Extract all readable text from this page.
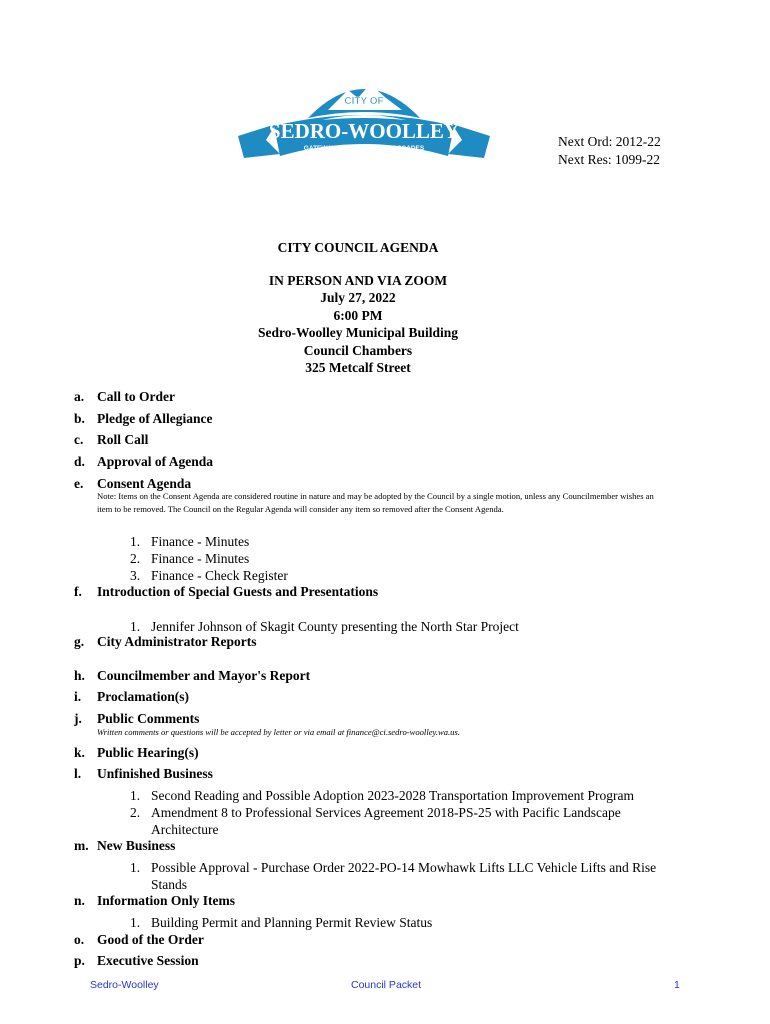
CITY OF
SEDRO-WOOLLEY
GATEWAY TO THE NORTH CASCADES	Next Ord: 2012-22
Next Res: 1099-22
CITY COUNCIL AGENDA
IN PERSON AND VIA ZOOM
July 27, 2022
6:00 PM
Sedro-Woolley Municipal Building
Council Chambers
325 Metcalf Street
a. Call to Order
b. Pledge of Allegiance
c. Roll Call
d. Approval of Agenda
e. Consent Agenda
Note: Items on the Consent Agenda are considered routine in nature and may be adopted by the Council by a single motion, unless any Councilmember wishes an item to be removed. The Council on the Regular Agenda will consider any item so removed after the Consent Agenda.
1. Finance - Minutes
2. Finance - Minutes
3. Finance - Check Register
f. Introduction of Special Guests and Presentations
1. Jennifer Johnson of Skagit County presenting the North Star Project
g. City Administrator Reports
h. Councilmember and Mayor's Report
i. Proclamation(s)
j. Public Comments
Written comments or questions will be accepted by letter or via email at finance@ci.sedro-woolley.wa.us.
k. Public Hearing(s)
l. Unfinished Business
1. Second Reading and Possible Adoption 2023-2028 Transportation Improvement Program
2. Amendment 8 to Professional Services Agreement 2018-PS-25 with Pacific Landscape Architecture
m. New Business
1. Possible Approval - Purchase Order 2022-PO-14 Mowhawk Lifts LLC Vehicle Lifts and Rise Stands
n. Information Only Items
1. Building Permit and Planning Permit Review Status
o. Good of the Order
p. Executive Session
Sedro-Woolley	Council Packet	1
